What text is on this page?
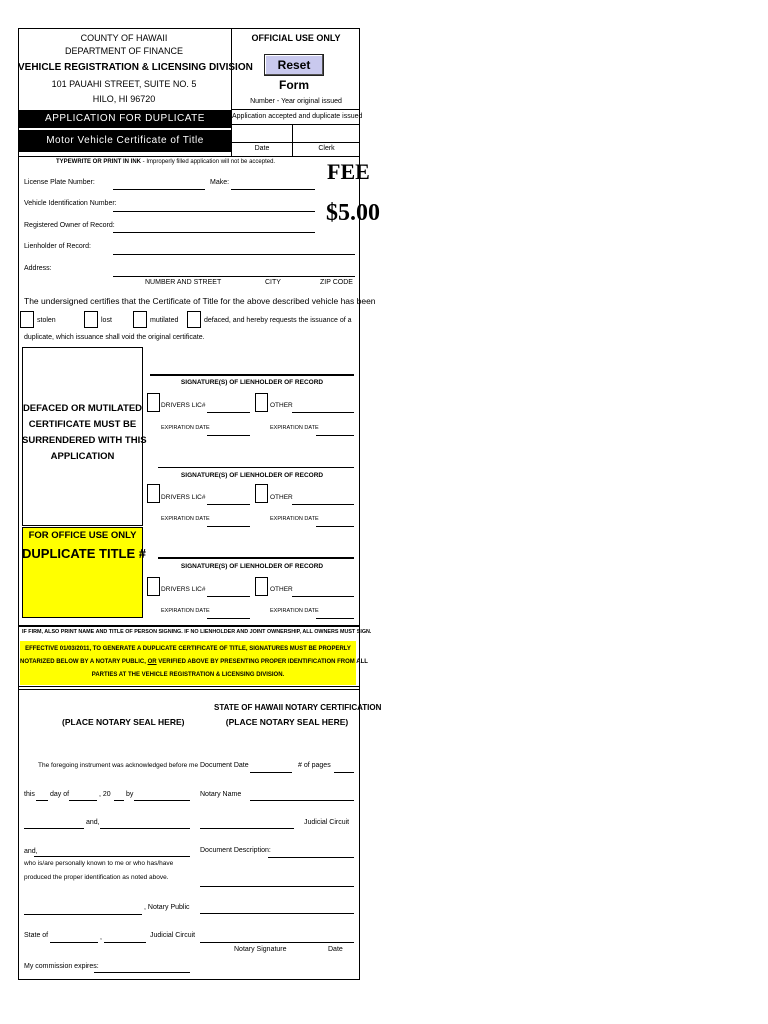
COUNTY OF HAWAII
DEPARTMENT OF FINANCE
VEHICLE REGISTRATION & LICENSING DIVISION
101 PAUAHI STREET, SUITE NO. 5
HILO, HI 96720
APPLICATION FOR DUPLICATE
Motor Vehicle Certificate of Title
OFFICIAL USE ONLY
Reset Form
Number - Year original issued
Application accepted and duplicate issued
Date	Clerk
TYPEWRITE OR PRINT IN INK - Improperly filled application will not be accepted. FEE
$5.00
License Plate Number:	Make:
Vehicle Identification Number:
Registered Owner of Record:
Lienholder of Record:
Address:
NUMBER AND STREET	CITY	ZIP CODE
The undersigned certifies that the Certificate of Title for the above described vehicle has been
stolen	lost	mutilated	defaced, and hereby requests the issuance of a
duplicate, which issuance shall void the original certificate.
DEFACED OR MUTILATED
CERTIFICATE MUST BE
SURRENDERED WITH THIS
APPLICATION
FOR OFFICE USE ONLY
DUPLICATE TITLE #
SIGNATURE(S) OF LIENHOLDER OF RECORD
DRIVERS LIC#	OTHER
EXPIRATION DATE	EXPIRATION DATE
SIGNATURE(S) OF LIENHOLDER OF RECORD
DRIVERS LIC#	OTHER
EXPIRATION DATE	EXPIRATION DATE
SIGNATURE(S) OF LIENHOLDER OF RECORD
DRIVERS LIC#	OTHER
EXPIRATION DATE	EXPIRATION DATE
IF FIRM, ALSO PRINT NAME AND TITLE OF PERSON SIGNING. IF NO LIENHOLDER AND JOINT OWNERSHIP, ALL OWNERS MUST SIGN.
EFFECTIVE 01/03/2011, TO GENERATE A DUPLICATE CERTIFICATE OF TITLE, SIGNATURES MUST BE PROPERLY
NOTARIZED BELOW BY A NOTARY PUBLIC, OR VERIFIED ABOVE BY PRESENTING PROPER IDENTIFICATION FROM ALL
PARTIES AT THE VEHICLE REGISTRATION & LICENSING DIVISION.
(PLACE NOTARY SEAL HERE)
STATE OF HAWAII NOTARY CERTIFICATION
(PLACE NOTARY SEAL HERE)
The foregoing instrument was acknowledged before me Document Date	# of pages
this day of	, 20 by	Notary Name
and,	Judicial Circuit
and,	Document Description:
who is/are personally known to me or who has/have
produced the proper identification as noted above.
, Notary Public
State of	,	Judicial Circuit
Notary Signature	Date
My commission expires:
